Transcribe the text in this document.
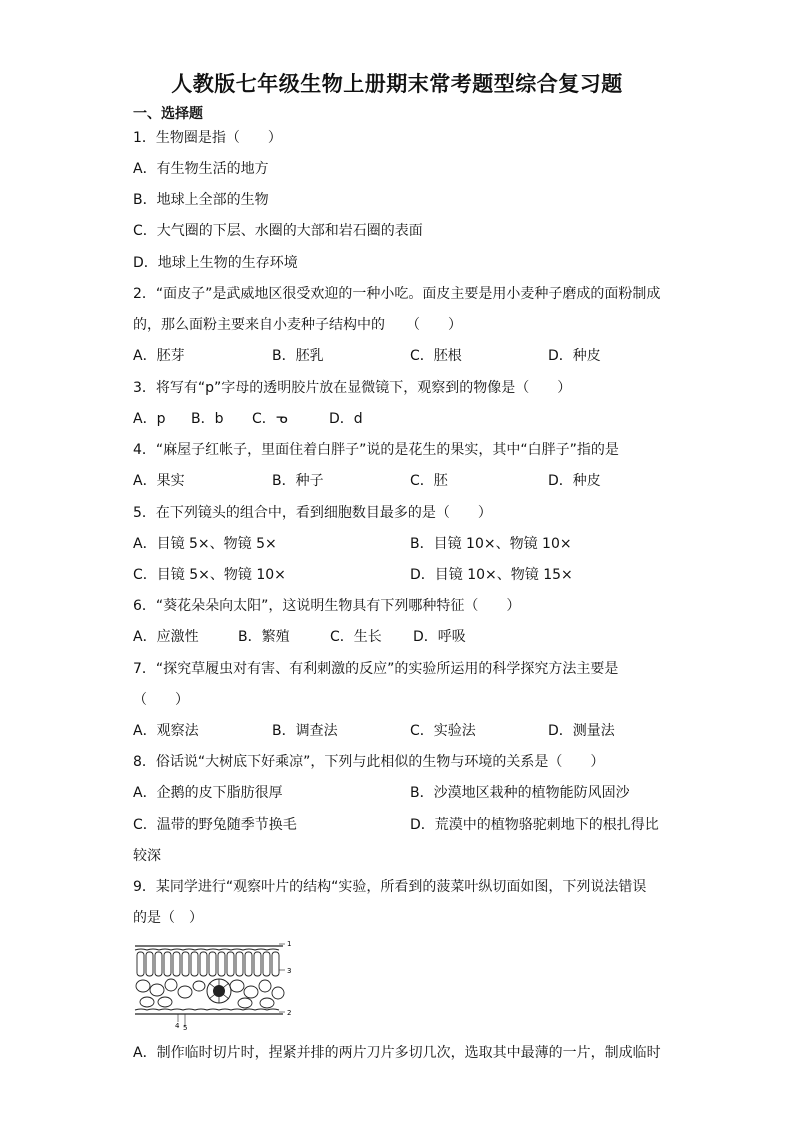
人教版七年级生物上册期末常考题型综合复习题
一、选择题
1．生物圈是指（　　）
A．有生物生活的地方
B．地球上全部的生物
C．大气圈的下层、水圈的大部和岩石圈的表面
D．地球上生物的生存环境
2．“面皮子”是武威地区很受欢迎的一种小吃。面皮主要是用小麦种子磨成的面粉制成
的，那么面粉主要来自小麦种子结构中的　　（　　）
A．胚芽	B．胚乳	C．胚根	D．种皮
3．将写有“p”字母的透明胶片放在显微镜下，观察到的物像是（　　）
A．p B．b C．ᓀ	D．d
4．“麻屋子红帐子，里面住着白胖子”说的是花生的果实，其中“白胖子”指的是
A．果实	B．种子	C．胚	D．种皮
5．在下列镜头的组合中，看到细胞数目最多的是（　　）
A．目镜 5×、物镜 5×	B．目镜 10×、物镜 10×
C．目镜 5×、物镜 10×	D．目镜 10×、物镜 15×
6．“葵花朵朵向太阳”，这说明生物具有下列哪种特征（　　）
A．应激性	B．繁殖	C．生长 D．呼吸
7．“探究草履虫对有害、有利刺激的反应”的实验所运用的科学探究方法主要是
（　　）
A．观察法	B．调查法	C．实验法	D．测量法
8．俗话说“大树底下好乘凉”，下列与此相似的生物与环境的关系是（　　）
A．企鹅的皮下脂肪很厚	B．沙漠地区栽种的植物能防风固沙
C．温带的野兔随季节换毛	D．荒漠中的植物骆驼刺地下的根扎得比
较深
9．某同学进行“观察叶片的结构“实验，所看到的菠菜叶纵切面如图，下列说法错误
的是（　）
1
3
2
4 5
A．制作临时切片时，捏紧并排的两片刀片多切几次，选取其中最薄的一片，制成临时
